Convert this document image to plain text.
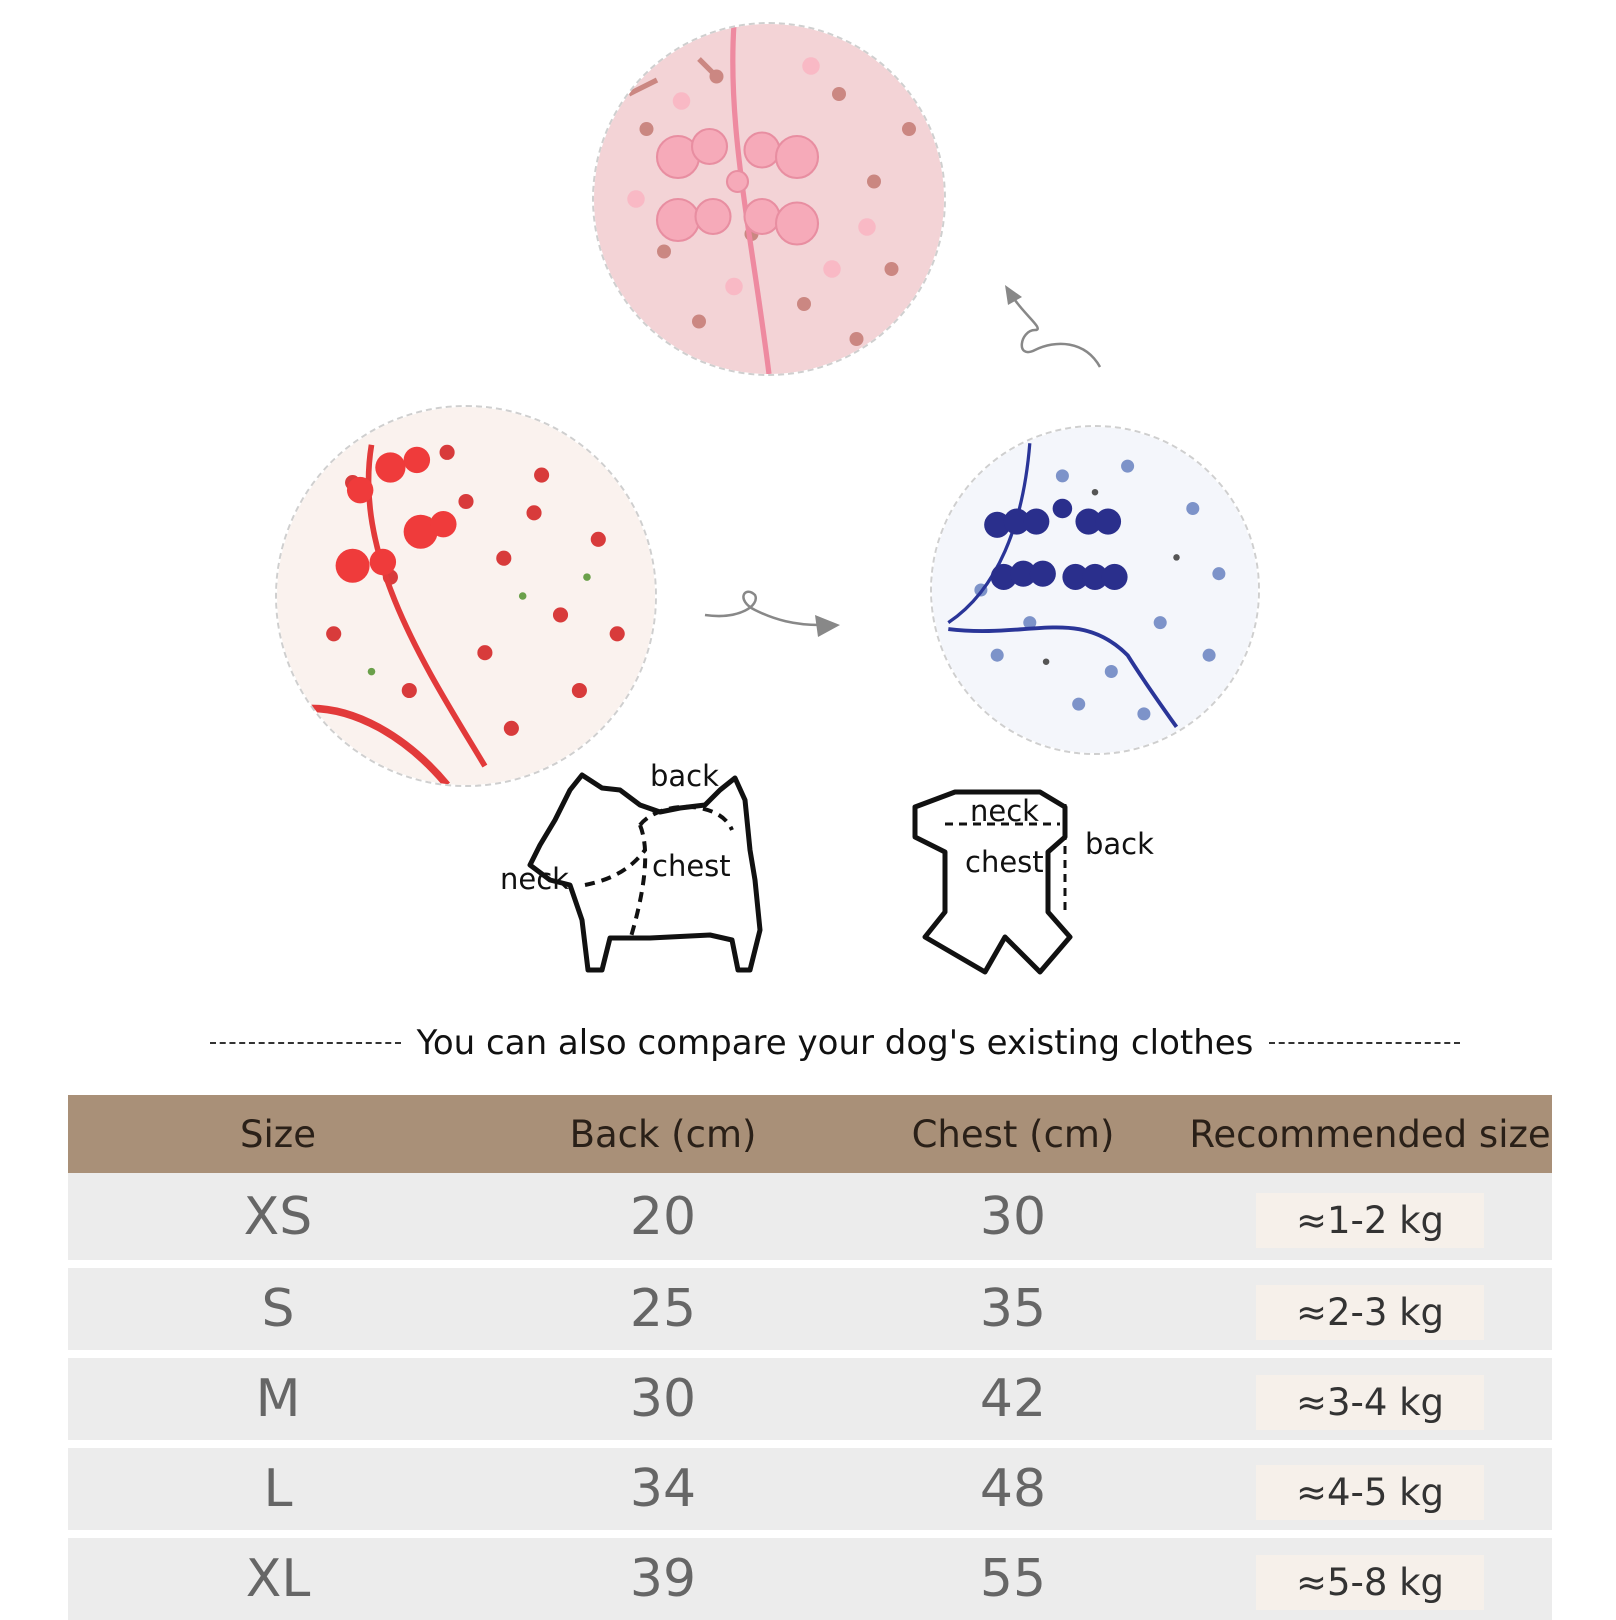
back
neck	chest
neck
chest
back
You can also compare your dog's existing clothes
Size	Back (cm)	Chest (cm)	Recommended size
XS	20	30	≈1-2 kg
S	25	35	≈2-3 kg
M	30	42	≈3-4 kg
L	34	48	≈4-5 kg
XL	39	55	≈5-8 kg
